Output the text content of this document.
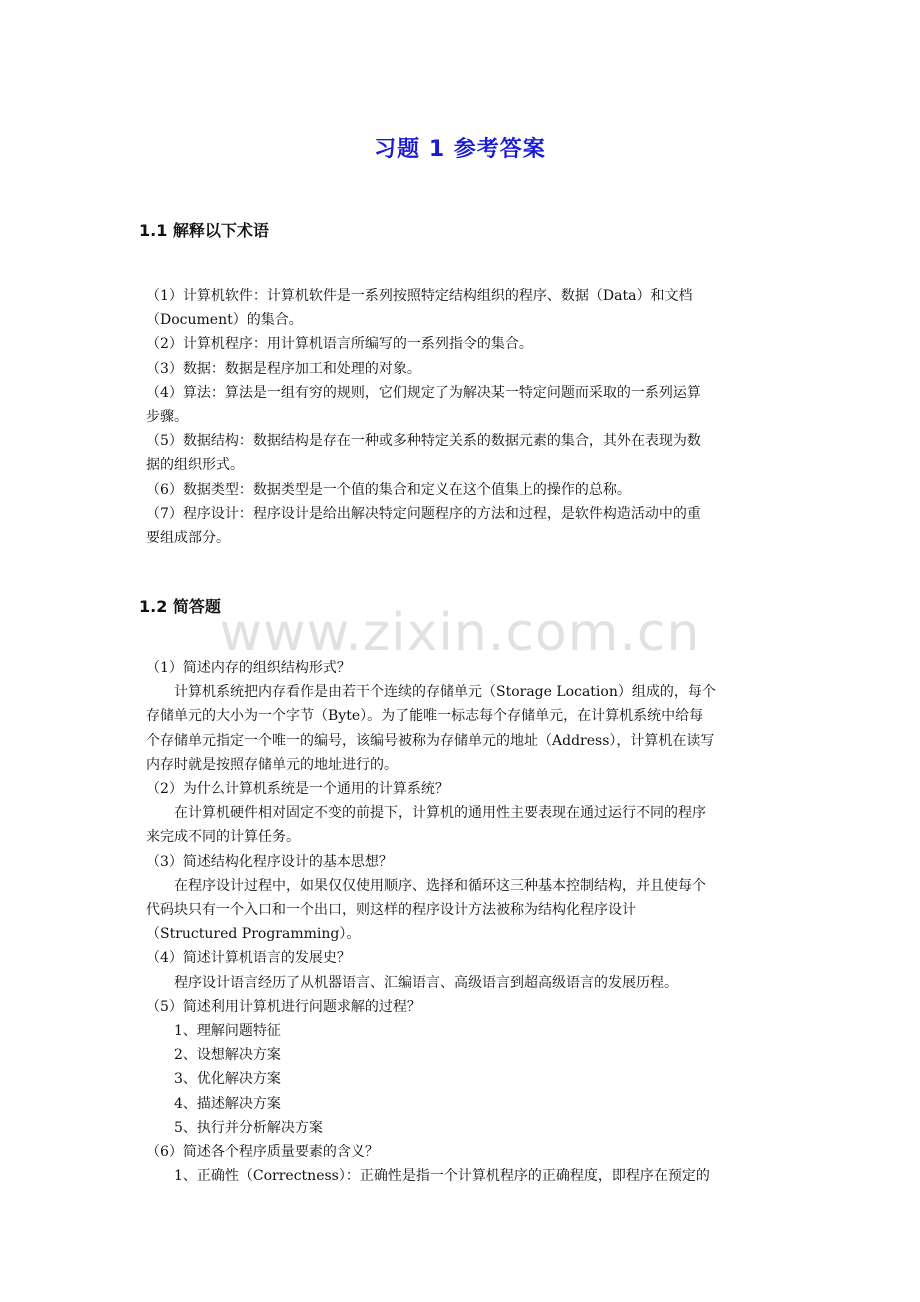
习题 1 参考答案
1.1 解释以下术语

（1）计算机软件：计算机软件是一系列按照特定结构组织的程序、数据（Data）和文档

（Document）的集合。

（2）计算机程序：用计算机语言所编写的一系列指令的集合。

（3）数据：数据是程序加工和处理的对象。

（4）算法：算法是一组有穷的规则，它们规定了为解决某一特定问题而采取的一系列运算

步骤。

（5）数据结构：数据结构是存在一种或多种特定关系的数据元素的集合，其外在表现为数

据的组织形式。

（6）数据类型：数据类型是一个值的集合和定义在这个值集上的操作的总称。

（7）程序设计：程序设计是给出解决特定问题程序的方法和过程，是软件构造活动中的重

要组成部分。

1.2 简答题
www.zixin.com.cn

（1）简述内存的组织结构形式？

计算机系统把内存看作是由若干个连续的存储单元（Storage Location）组成的，每个

存储单元的大小为一个字节（Byte）。为了能唯一标志每个存储单元，在计算机系统中给每

个存储单元指定一个唯一的编号，该编号被称为存储单元的地址（Address），计算机在读写

内存时就是按照存储单元的地址进行的。

（2）为什么计算机系统是一个通用的计算系统？

在计算机硬件相对固定不变的前提下，计算机的通用性主要表现在通过运行不同的程序

来完成不同的计算任务。

（3）简述结构化程序设计的基本思想？

在程序设计过程中，如果仅仅使用顺序、选择和循环这三种基本控制结构，并且使每个

代码块只有一个入口和一个出口，则这样的程序设计方法被称为结构化程序设计

（Structured Programming）。

（4）简述计算机语言的发展史？

程序设计语言经历了从机器语言、汇编语言、高级语言到超高级语言的发展历程。

（5）简述利用计算机进行问题求解的过程？

1、理解问题特征

2、设想解决方案

3、优化解决方案

4、描述解决方案

5、执行并分析解决方案

（6）简述各个程序质量要素的含义？

1、正确性（Correctness）：正确性是指一个计算机程序的正确程度，即程序在预定的
